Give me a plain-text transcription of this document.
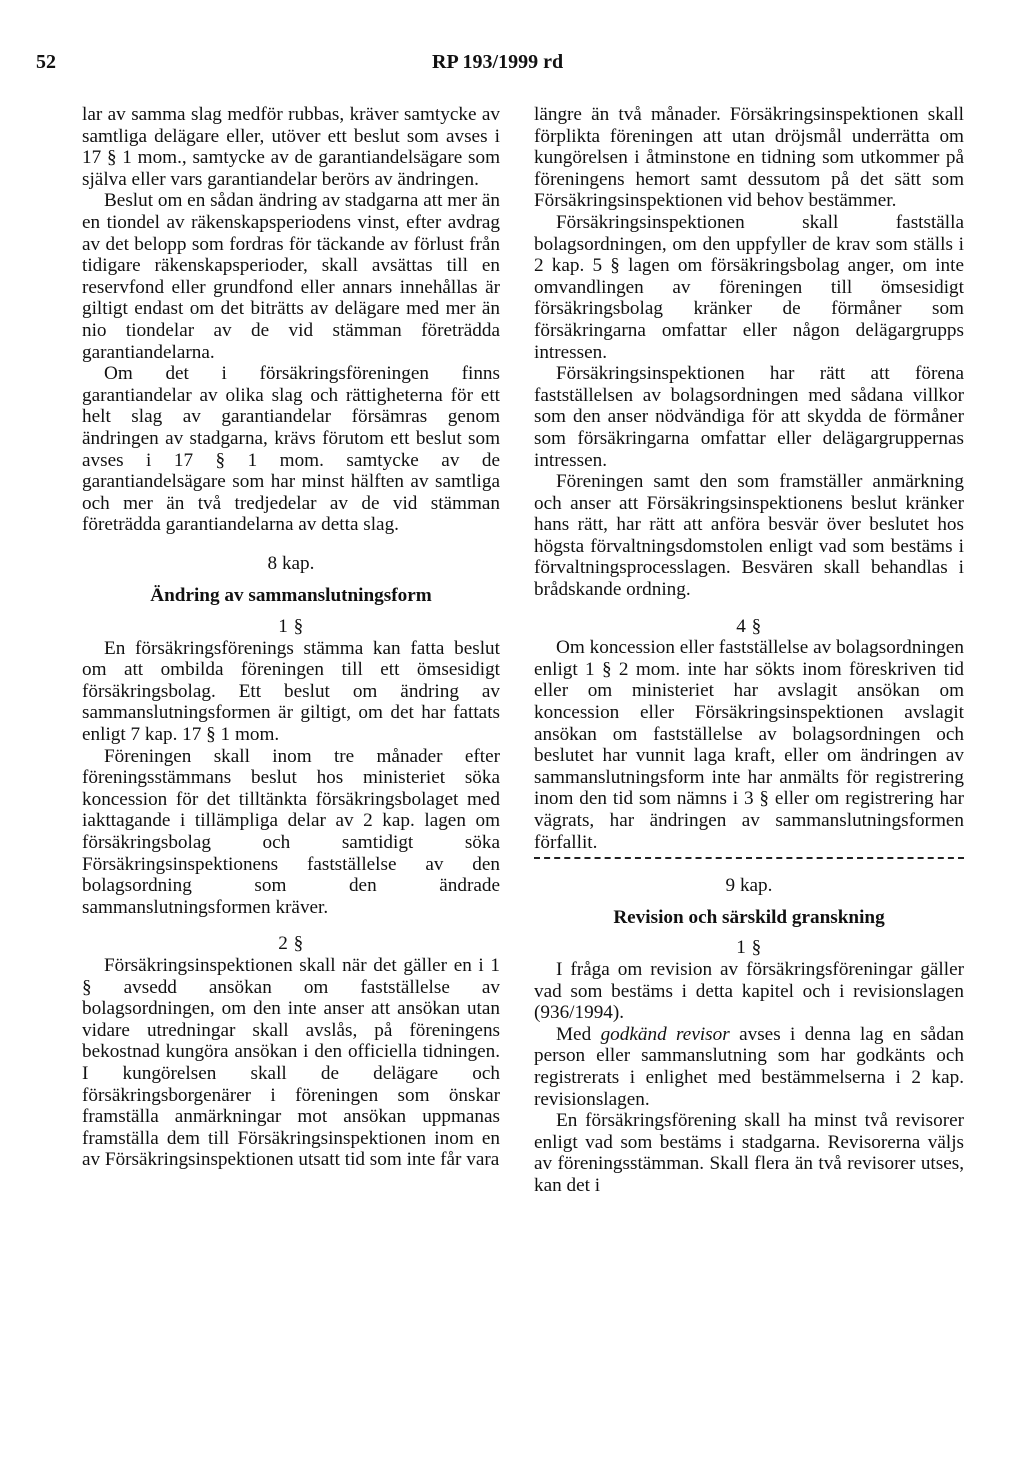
52	RP 193/1999 rd

lar av samma slag medför rubbas, kräver samtycke av samtliga delägare eller, utöver ett beslut som avses i 17 § 1 mom., samtycke av de garantiandelsägare som själva eller vars garantiandelar berörs av ändringen.

Beslut om en sådan ändring av stadgarna att mer än en tiondel av räkenskapsperiodens vinst, efter avdrag av det belopp som fordras för täckande av förlust från tidigare räkenskapsperioder, skall avsättas till en reservfond eller grundfond eller annars innehållas är giltigt endast om det biträtts av delägare med mer än nio tiondelar av de vid stämman företrädda garantiandelarna.

Om det i försäkringsföreningen finns garantiandelar av olika slag och rättigheterna för ett helt slag av garantiandelar försämras genom ändringen av stadgarna, krävs förutom ett beslut som avses i 17 § 1 mom. samtycke av de garantiandelsägare som har minst hälften av samtliga och mer än två tredjedelar av de vid stämman företrädda garantiandelarna av detta slag.

8 kap.
Ändring av sammanslutningsform
1 §

En försäkringsförenings stämma kan fatta beslut om att ombilda föreningen till ett ömsesidigt försäkringsbolag. Ett beslut om ändring av sammanslutningsformen är giltigt, om det har fattats enligt 7 kap. 17 § 1 mom.

Föreningen skall inom tre månader efter föreningsstämmans beslut hos ministeriet söka koncession för det tilltänkta försäkringsbolaget med iakttagande i tillämpliga delar av 2 kap. lagen om försäkringsbolag och samtidigt söka Försäkringsinspektionens fastställelse av den bolagsordning som den ändrade sammanslutningsformen kräver.

2 §

Försäkringsinspektionen skall när det gäller en i 1 § avsedd ansökan om fastställelse av bolagsordningen, om den inte anser att ansökan utan vidare utredningar skall avslås, på föreningens bekostnad kungöra ansökan i den officiella tidningen. I kungörelsen skall de delägare och försäkringsborgenärer i föreningen som önskar framställa anmärkningar mot ansökan uppmanas framställa dem till Försäkringsinspektionen inom en av Försäkringsinspektionen utsatt tid som inte får vara

längre än två månader. Försäkringsinspektionen skall förplikta föreningen att utan dröjsmål underrätta om kungörelsen i åtminstone en tidning som utkommer på föreningens hemort samt dessutom på det sätt som Försäkringsinspektionen vid behov bestämmer.

Försäkringsinspektionen skall fastställa bolagsordningen, om den uppfyller de krav som ställs i 2 kap. 5 § lagen om försäkringsbolag anger, om inte omvandlingen av föreningen till ömsesidigt försäkringsbolag kränker de förmåner som försäkringarna omfattar eller någon delägargrupps intressen.

Försäkringsinspektionen har rätt att förena fastställelsen av bolagsordningen med sådana villkor som den anser nödvändiga för att skydda de förmåner som försäkringarna omfattar eller delägargruppernas intressen.

Föreningen samt den som framställer anmärkning och anser att Försäkringsinspektionens beslut kränker hans rätt, har rätt att anföra besvär över beslutet hos högsta förvaltningsdomstolen enligt vad som bestäms i förvaltningsprocesslagen. Besvären skall behandlas i brådskande ordning.

4 §

Om koncession eller fastställelse av bolagsordningen enligt 1 § 2 mom. inte har sökts inom föreskriven tid eller om ministeriet har avslagit ansökan om koncession eller Försäkringsinspektionen avslagit ansökan om fastställelse av bolagsordningen och beslutet har vunnit laga kraft, eller om ändringen av sammanslutningsform inte har anmälts för registrering inom den tid som nämns i 3 § eller om registrering har vägrats, har ändringen av sammanslutningsformen förfallit.

9 kap.
Revision och särskild granskning
1 §

I fråga om revision av försäkringsföreningar gäller vad som bestäms i detta kapitel och i revisionslagen (936/1994).

Med godkänd revisor avses i denna lag en sådan person eller sammanslutning som har godkänts och registrerats i enlighet med bestämmelserna i 2 kap. revisionslagen.

En försäkringsförening skall ha minst två revisorer enligt vad som bestäms i stadgarna. Revisorerna väljs av föreningsstämman. Skall flera än två revisorer utses, kan det i
